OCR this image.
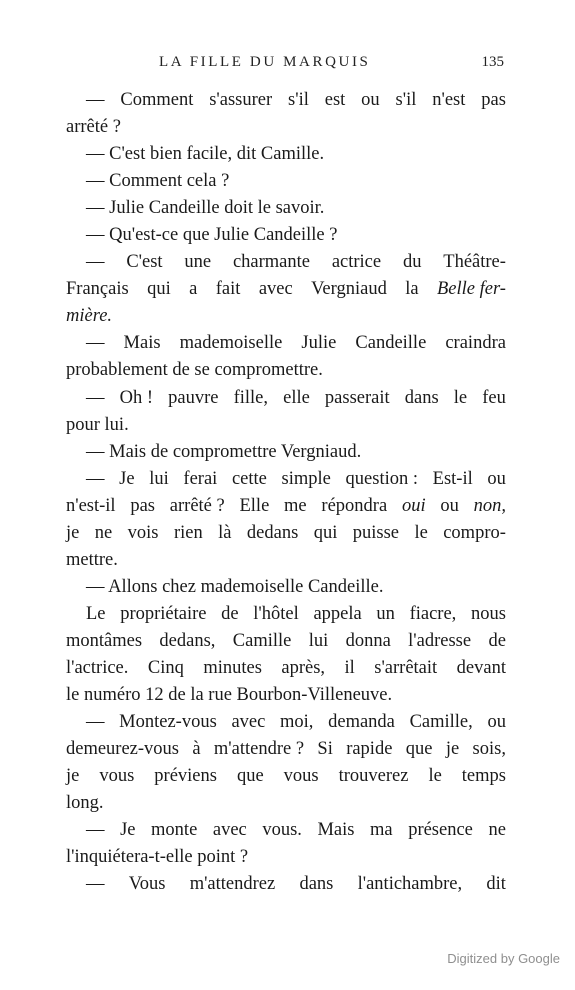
LA FILLE DU MARQUIS	135
— Comment s'assurer s'il est ou s'il n'est pas
arrêté ?
— C'est bien facile, dit Camille.
— Comment cela ?
— Julie Candeille doit le savoir.
— Qu'est-ce que Julie Candeille ?
— C'est une charmante actrice du Théâtre-
Français qui a fait avec Vergniaud la Belle fer-
mière.
— Mais mademoiselle Julie Candeille craindra
probablement de se compromettre.
— Oh ! pauvre fille, elle passerait dans le feu
pour lui.
— Mais de compromettre Vergniaud.
— Je lui ferai cette simple question : Est-il ou
n'est-il pas arrêté ? Elle me répondra oui ou non,
je ne vois rien là dedans qui puisse le compro-
mettre.
— Allons chez mademoiselle Candeille.
Le propriétaire de l'hôtel appela un fiacre, nous
montâmes dedans, Camille lui donna l'adresse de
l'actrice. Cinq minutes après, il s'arrêtait devant
le numéro 12 de la rue Bourbon-Villeneuve.
— Montez-vous avec moi, demanda Camille, ou
demeurez-vous à m'attendre ? Si rapide que je sois,
je vous préviens que vous trouverez le temps
long.
— Je monte avec vous. Mais ma présence ne
l'inquiétera-t-elle point ?
— Vous m'attendrez dans l'antichambre, dit
Digitized by Google
